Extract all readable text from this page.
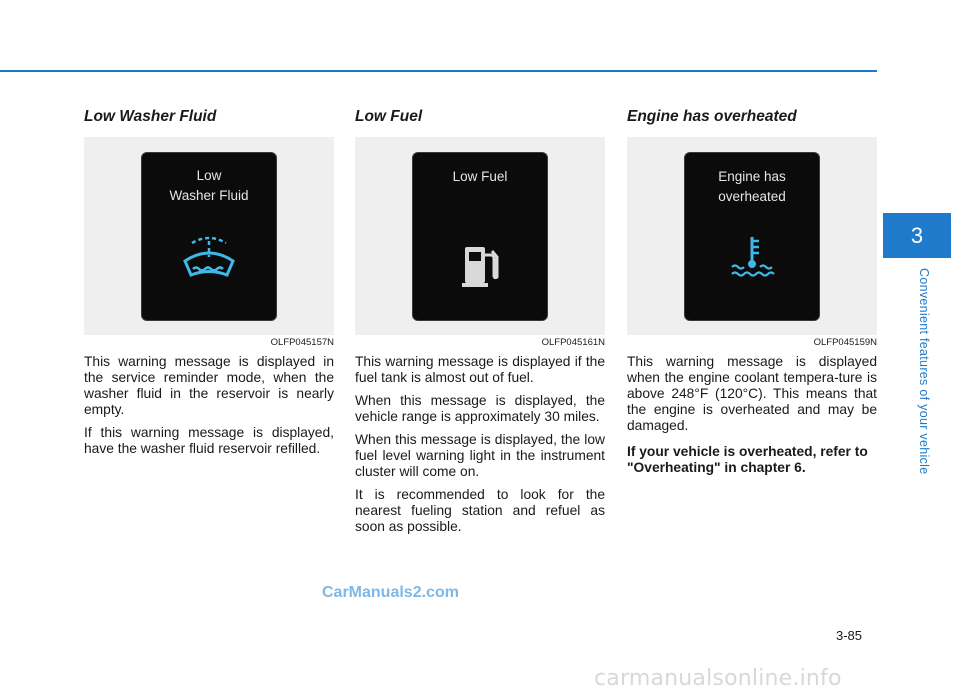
Low Washer Fluid
Low
Washer Fluid
OLFP045157N

This warning message is displayed in the service reminder mode, when the washer fluid in the reservoir is nearly empty.

If this warning message is displayed, have the washer fluid reservoir refilled.

Low Fuel
Low Fuel
OLFP045161N

This warning message is displayed if the fuel tank is almost out of fuel.

When this message is displayed, the vehicle range is approximately 30 miles.

When this message is displayed, the low fuel level warning light in the instrument cluster will come on.

It is recommended to look for the nearest fueling station and refuel as soon as possible.

Engine has overheated
Engine has
overheated
OLFP045159N

This warning message is displayed when the engine coolant tempera-ture is above 248°F (120°C). This means that the engine is overheated and may be damaged.

If your vehicle is overheated, refer to "Overheating" in chapter 6.

3
Convenient features of your vehicle
3-85
CarManuals2.com
carmanualsonline.info
